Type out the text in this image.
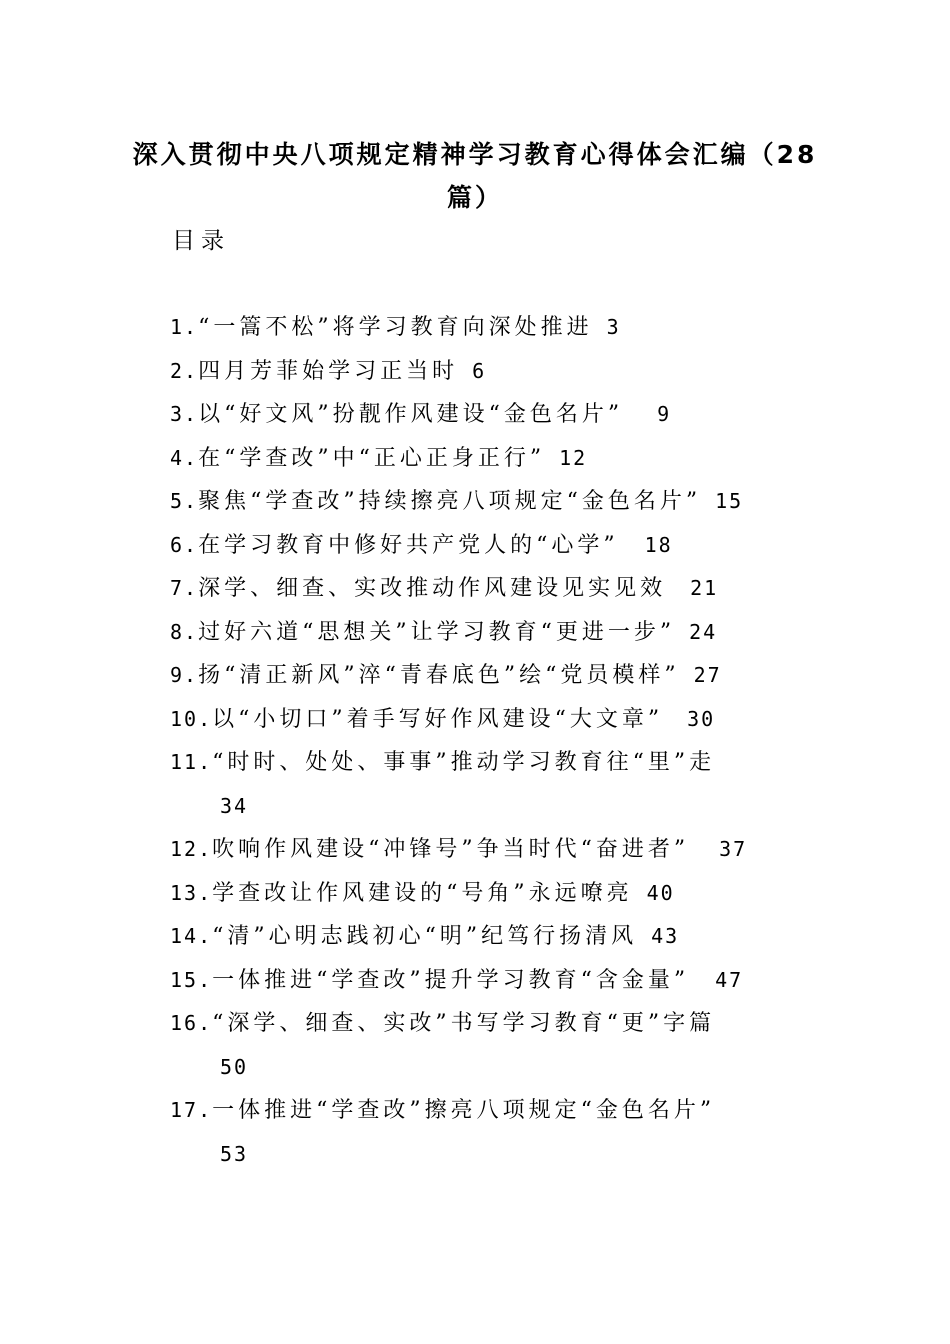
深入贯彻中央八项规定精神学习教育心得体会汇编（28
篇）
目录
1.“一篙不松”将学习教育向深处推进 3
2.四月芳菲始学习正当时 6
3.以“好文风”扮靓作风建设“金色名片” 9
4.在“学查改”中“正心正身正行” 12
5.聚焦“学查改”持续擦亮八项规定“金色名片” 15
6.在学习教育中修好共产党人的“心学” 18
7.深学、细查、实改推动作风建设见实见效 21
8.过好六道“思想关”让学习教育“更进一步” 24
9.扬“清正新风”淬“青春底色”绘“党员模样” 27
10.以“小切口”着手写好作风建设“大文章” 30
11.“时时、处处、事事”推动学习教育往“里”走
34
12.吹响作风建设“冲锋号”争当时代“奋进者” 37
13.学查改让作风建设的“号角”永远嘹亮 40
14.“清”心明志践初心“明”纪笃行扬清风 43
15.一体推进“学查改”提升学习教育“含金量” 47
16.“深学、细查、实改”书写学习教育“更”字篇
50
17.一体推进“学查改”擦亮八项规定“金色名片”
53
